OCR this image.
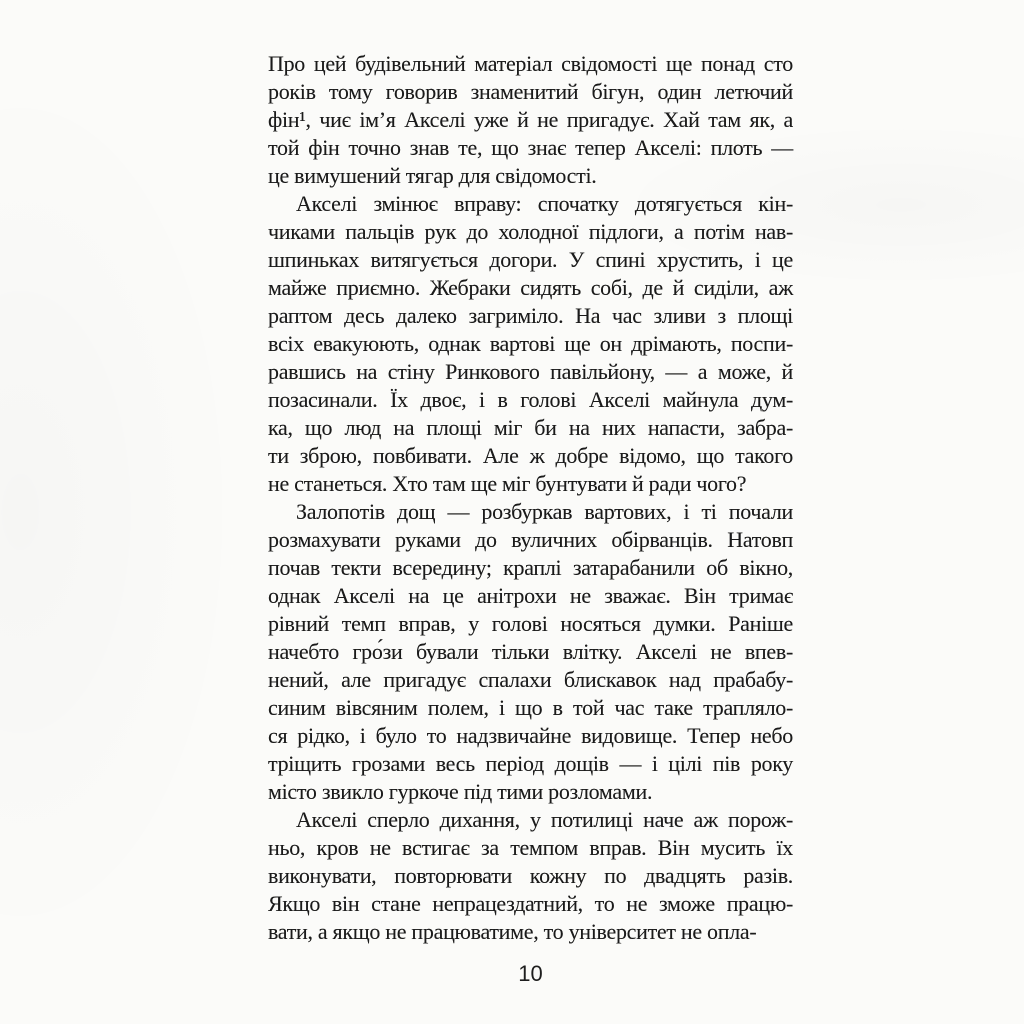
Про цей будівельний матеріал свідомості ще понад сто
років тому говорив знаменитий бігун, один летючий
фін¹, чиє ім’я Акселі уже й не пригадує. Хай там як, а
той фін точно знав те, що знає тепер Акселі: плоть —
це вимушений тягар для свідомості.
Акселі змінює вправу: спочатку дотягується кін-
чиками пальців рук до холодної підлоги, а потім нав-
шпиньках витягується догори. У спині хрустить, і це
майже приємно. Жебраки сидять собі, де й сиділи, аж
раптом десь далеко загриміло. На час зливи з площі
всіх евакуюють, однак вартові ще он дрімають, поспи-
равшись на стіну Ринкового павільйону, — а може, й
позасинали. Їх двоє, і в голові Акселі майнула дум-
ка, що люд на площі міг би на них напасти, забра-
ти зброю, повбивати. Але ж добре відомо, що такого
не станеться. Хто там ще міг бунтувати й ради чого?
Залопотів дощ — розбуркав вартових, і ті почали
розмахувати руками до вуличних обірванців. Натовп
почав текти всередину; краплі затарабанили об вікно,
однак Акселі на це анітрохи не зважає. Він тримає
рівний темп вправ, у голові носяться думки. Раніше
начебто гро́зи бували тільки влітку. Акселі не впев-
нений, але пригадує спалахи блискавок над прабабу-
синим вівсяним полем, і що в той час таке трапляло-
ся рідко, і було то надзвичайне видовище. Тепер небо
тріщить грозами весь період дощів — і цілі пів року
місто звикло гуркоче під тими розломами.
Акселі сперло дихання, у потилиці наче аж порож-
ньо, кров не встигає за темпом вправ. Він мусить їх
виконувати, повторювати кожну по двадцять разів.
Якщо він стане непрацездатний, то не зможе працю-
вати, а якщо не працюватиме, то університет не опла-
10
